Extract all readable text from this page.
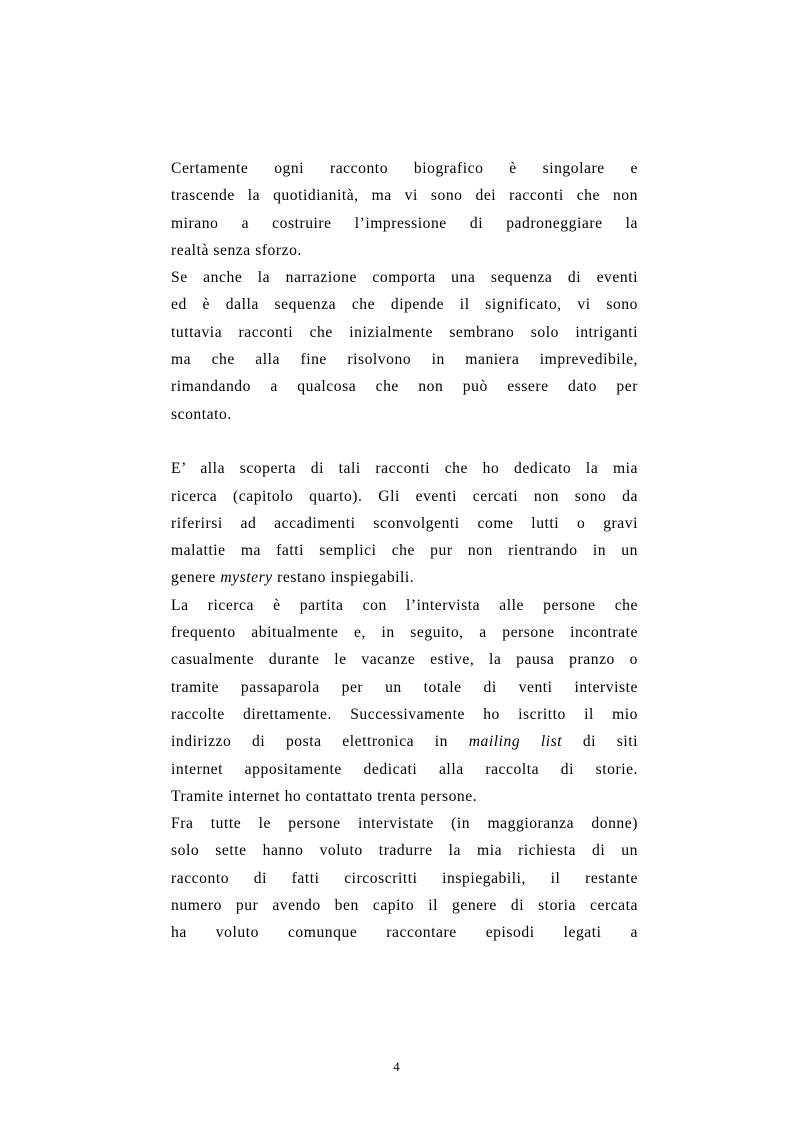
Certamente ogni racconto biografico è singolare e
trascende la quotidianità, ma vi sono dei racconti che non
mirano a costruire l’impressione di padroneggiare la
realtà senza sforzo.
Se anche la narrazione comporta una sequenza di eventi
ed è dalla sequenza che dipende il significato, vi sono
tuttavia racconti che inizialmente sembrano solo intriganti
ma che alla fine risolvono in maniera imprevedibile,
rimandando a qualcosa che non può essere dato per
scontato.
E’ alla scoperta di tali racconti che ho dedicato la mia
ricerca (capitolo quarto). Gli eventi cercati non sono da
riferirsi ad accadimenti sconvolgenti come lutti o gravi
malattie ma fatti semplici che pur non rientrando in un
genere mystery restano inspiegabili.
La ricerca è partita con l’intervista alle persone che
frequento abitualmente e, in seguito, a persone incontrate
casualmente durante le vacanze estive, la pausa pranzo o
tramite passaparola per un totale di venti interviste
raccolte direttamente. Successivamente ho iscritto il mio
indirizzo di posta elettronica in mailing list di siti
internet appositamente dedicati alla raccolta di storie.
Tramite internet ho contattato trenta persone.
Fra tutte le persone intervistate (in maggioranza donne)
solo sette hanno voluto tradurre la mia richiesta di un
racconto di fatti circoscritti inspiegabili, il restante
numero pur avendo ben capito il genere di storia cercata
ha voluto comunque raccontare episodi legati a
4
